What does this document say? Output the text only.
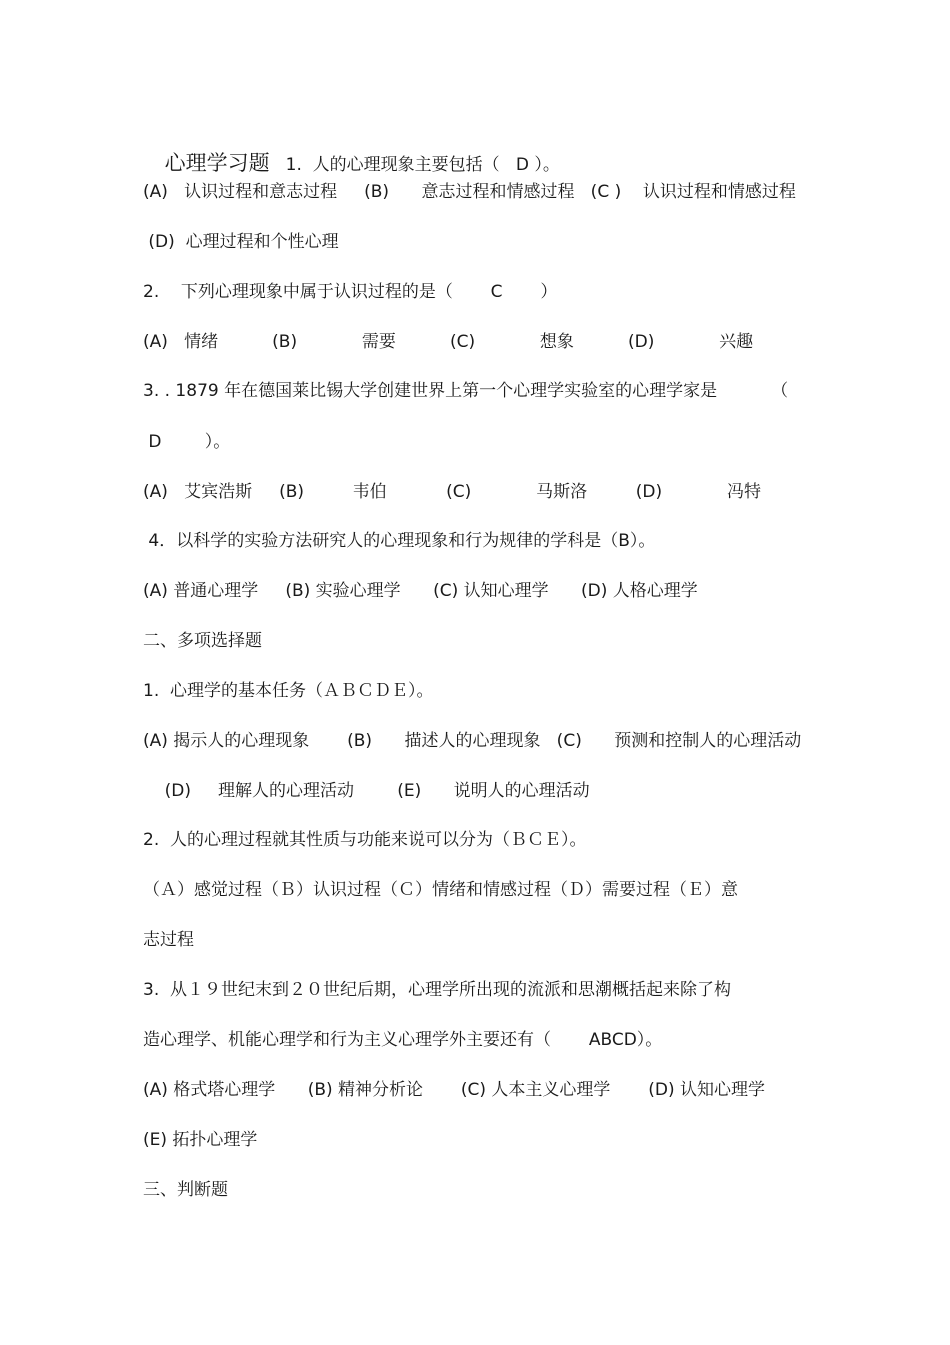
心理学习题 1.  人的心理现象主要包括（   D ）。

(A)   认识过程和意志过程     (B)      意志过程和情感过程   (C )    认识过程和情感过程
(D)  心理过程和个性心理
2.    下列心理现象中属于认识过程的是（       C       ）
(A)   情绪          (B)            需要          (C)            想象          (D)            兴趣
3. . 1879 年在德国莱比锡大学创建世界上第一个心理学实验室的心理学家是          （
D        ）。
(A)   艾宾浩斯     (B)         韦伯           (C)            马斯洛         (D)            冯特
4．以科学的实验方法研究人的心理现象和行为规律的学科是（B）。
(A) 普通心理学     (B) 实验心理学      (C) 认知心理学      (D) 人格心理学
二、多项选择题
1.  心理学的基本任务（ＡＢＣＤＥ）。
(A) 揭示人的心理现象       (B)      描述人的心理现象   (C)      预测和控制人的心理活动
(D)     理解人的心理活动        (E)      说明人的心理活动
2.  人的心理过程就其性质与功能来说可以分为（ＢＣＥ）。
（Ａ）感觉过程（Ｂ）认识过程（Ｃ）情绪和情感过程（Ｄ）需要过程（Ｅ）意
志过程
3.  从１９世纪末到２０世纪后期，心理学所出现的流派和思潮概括起来除了构
造心理学、机能心理学和行为主义心理学外主要还有（       ABCD）。
(A) 格式塔心理学      (B) 精神分析论       (C) 人本主义心理学       (D) 认知心理学
(E) 拓扑心理学
三、判断题
